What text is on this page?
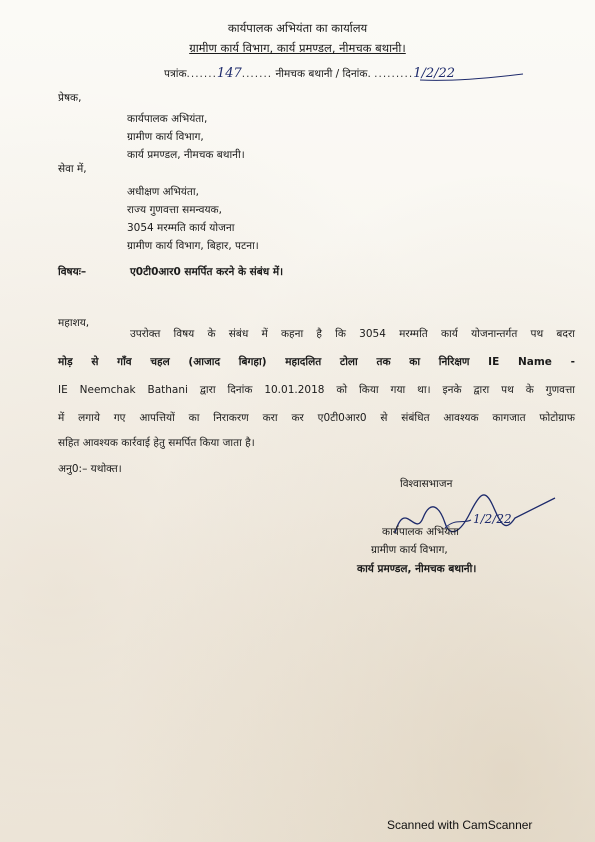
कार्यपालक अभियंता का कार्यालय
ग्रामीण कार्य विभाग, कार्य प्रमण्डल, नीमचक बथानी।
पत्रांक.......147....... नीमचक बथानी / दिनांक. .........1/2/22
प्रेषक,
कार्यपालक अभियंता,
ग्रामीण कार्य विभाग,
कार्य प्रमण्डल, नीमचक बथानी।
सेवा में,
अधीक्षण अभियंता,
राज्य गुणवत्ता समन्वयक,
3054 मरम्मति कार्य योजना
ग्रामीण कार्य विभाग, बिहार, पटना।
विषयः–	ए0टी0आर0 समर्पित करने के संबंध में।
महाशय,
उपरोक्त विषय के संबंध में कहना है कि 3054 मरम्मति कार्य योजनान्तर्गत पथ बदरा
मोड़ से गाँव चहल (आजाद बिगहा) महादलित टोला तक का निरिक्षण IE Name -
IE Neemchak Bathani द्वारा दिनांक 10.01.2018 को किया गया था। इनके द्वारा पथ के गुणवत्ता
में लगाये गए आपत्तियों का निराकरण करा कर ए0टी0आर0 से संबंधित आवश्यक कागजात फोटोग्राफ
सहित आवश्यक कार्रवाई हेतु समर्पित किया जाता है।
अनु0:– यथोक्त।
विश्वासभाजन
1/2/22
कार्यपालक अभियंता
ग्रामीण कार्य विभाग,
कार्य प्रमण्डल, नीमचक बथानी।
Scanned with CamScanner
